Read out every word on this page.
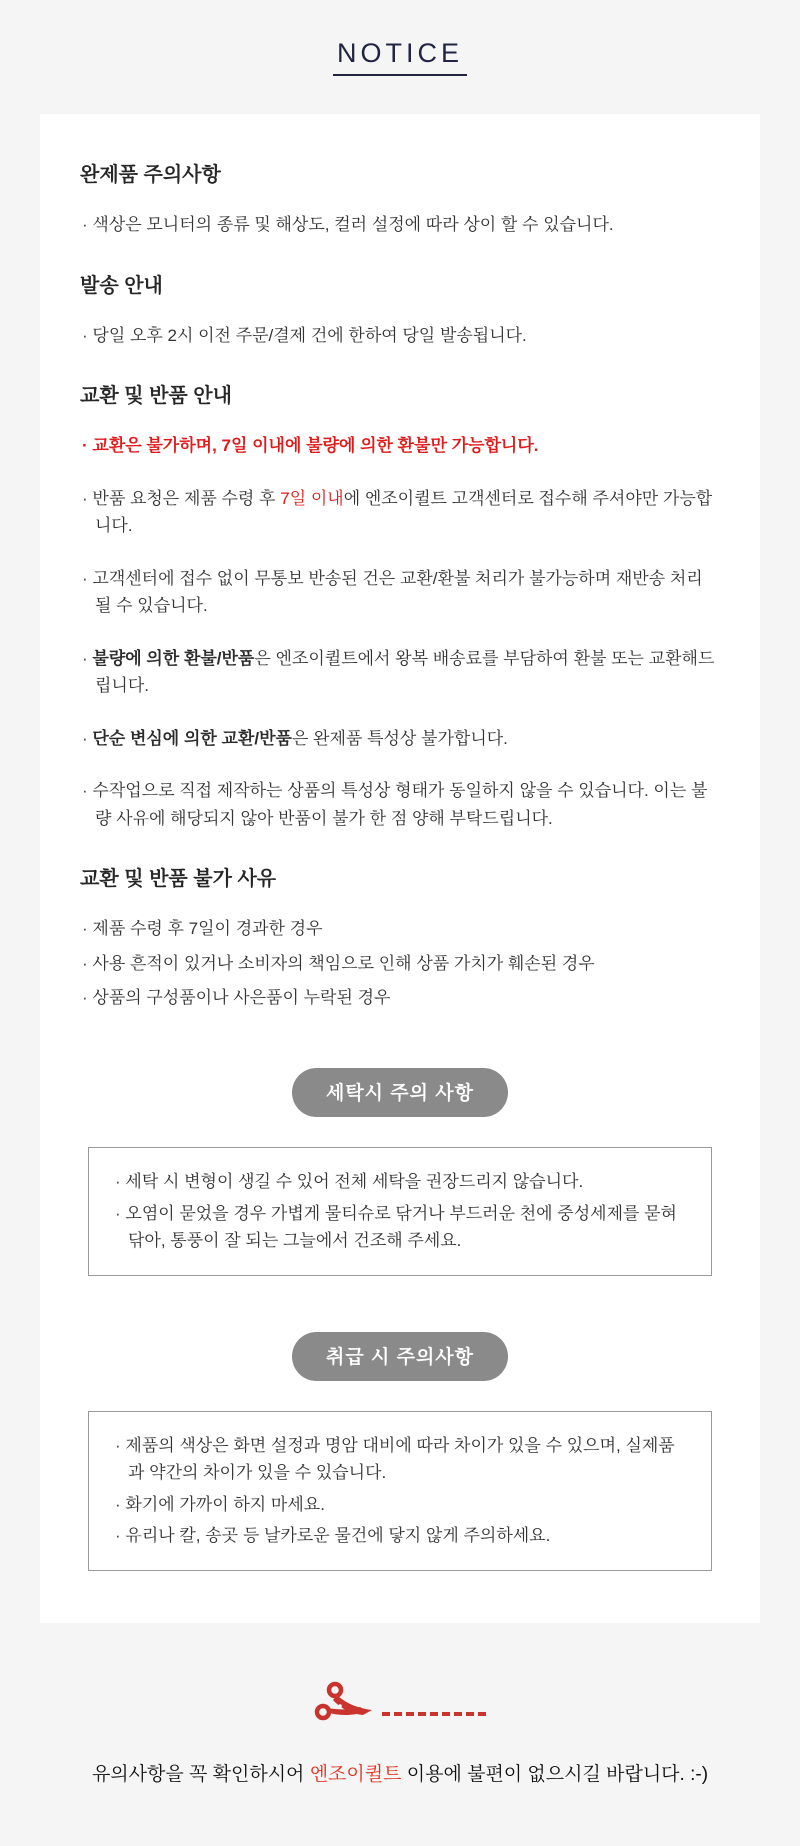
NOTICE
완제품 주의사항

· 색상은 모니터의 종류 및 해상도, 컬러 설정에 따라 상이 할 수 있습니다.

발송 안내

· 당일 오후 2시 이전 주문/결제 건에 한하여 당일 발송됩니다.

교환 및 반품 안내

· 교환은 불가하며, 7일 이내에 불량에 의한 환불만 가능합니다.

· 반품 요청은 제품 수령 후 7일 이내에 엔조이퀼트 고객센터로 접수해 주셔야만 가능합니다.

· 고객센터에 접수 없이 무통보 반송된 건은 교환/환불 처리가 불가능하며 재반송 처리 될 수 있습니다.

· 불량에 의한 환불/반품은 엔조이퀼트에서 왕복 배송료를 부담하여 환불 또는 교환해드립니다.

· 단순 변심에 의한 교환/반품은 완제품 특성상 불가합니다.

· 수작업으로 직접 제작하는 상품의 특성상 형태가 동일하지 않을 수 있습니다. 이는 불량 사유에 해당되지 않아 반품이 불가 한 점 양해 부탁드립니다.

교환 및 반품 불가 사유

· 제품 수령 후 7일이 경과한 경우

· 사용 흔적이 있거나 소비자의 책임으로 인해 상품 가치가 훼손된 경우

· 상품의 구성품이나 사은품이 누락된 경우

세탁시 주의 사항

· 세탁 시 변형이 생길 수 있어 전체 세탁을 권장드리지 않습니다.

· 오염이 묻었을 경우 가볍게 물티슈로 닦거나 부드러운 천에 중성세제를 묻혀 닦아, 통풍이 잘 되는 그늘에서 건조해 주세요.

취급 시 주의사항

· 제품의 색상은 화면 설정과 명암 대비에 따라 차이가 있을 수 있으며, 실제품과 약간의 차이가 있을 수 있습니다.

· 화기에 가까이 하지 마세요.

· 유리나 칼, 송곳 등 날카로운 물건에 닿지 않게 주의하세요.

유의사항을 꼭 확인하시어 엔조이퀼트 이용에 불편이 없으시길 바랍니다. :-)
